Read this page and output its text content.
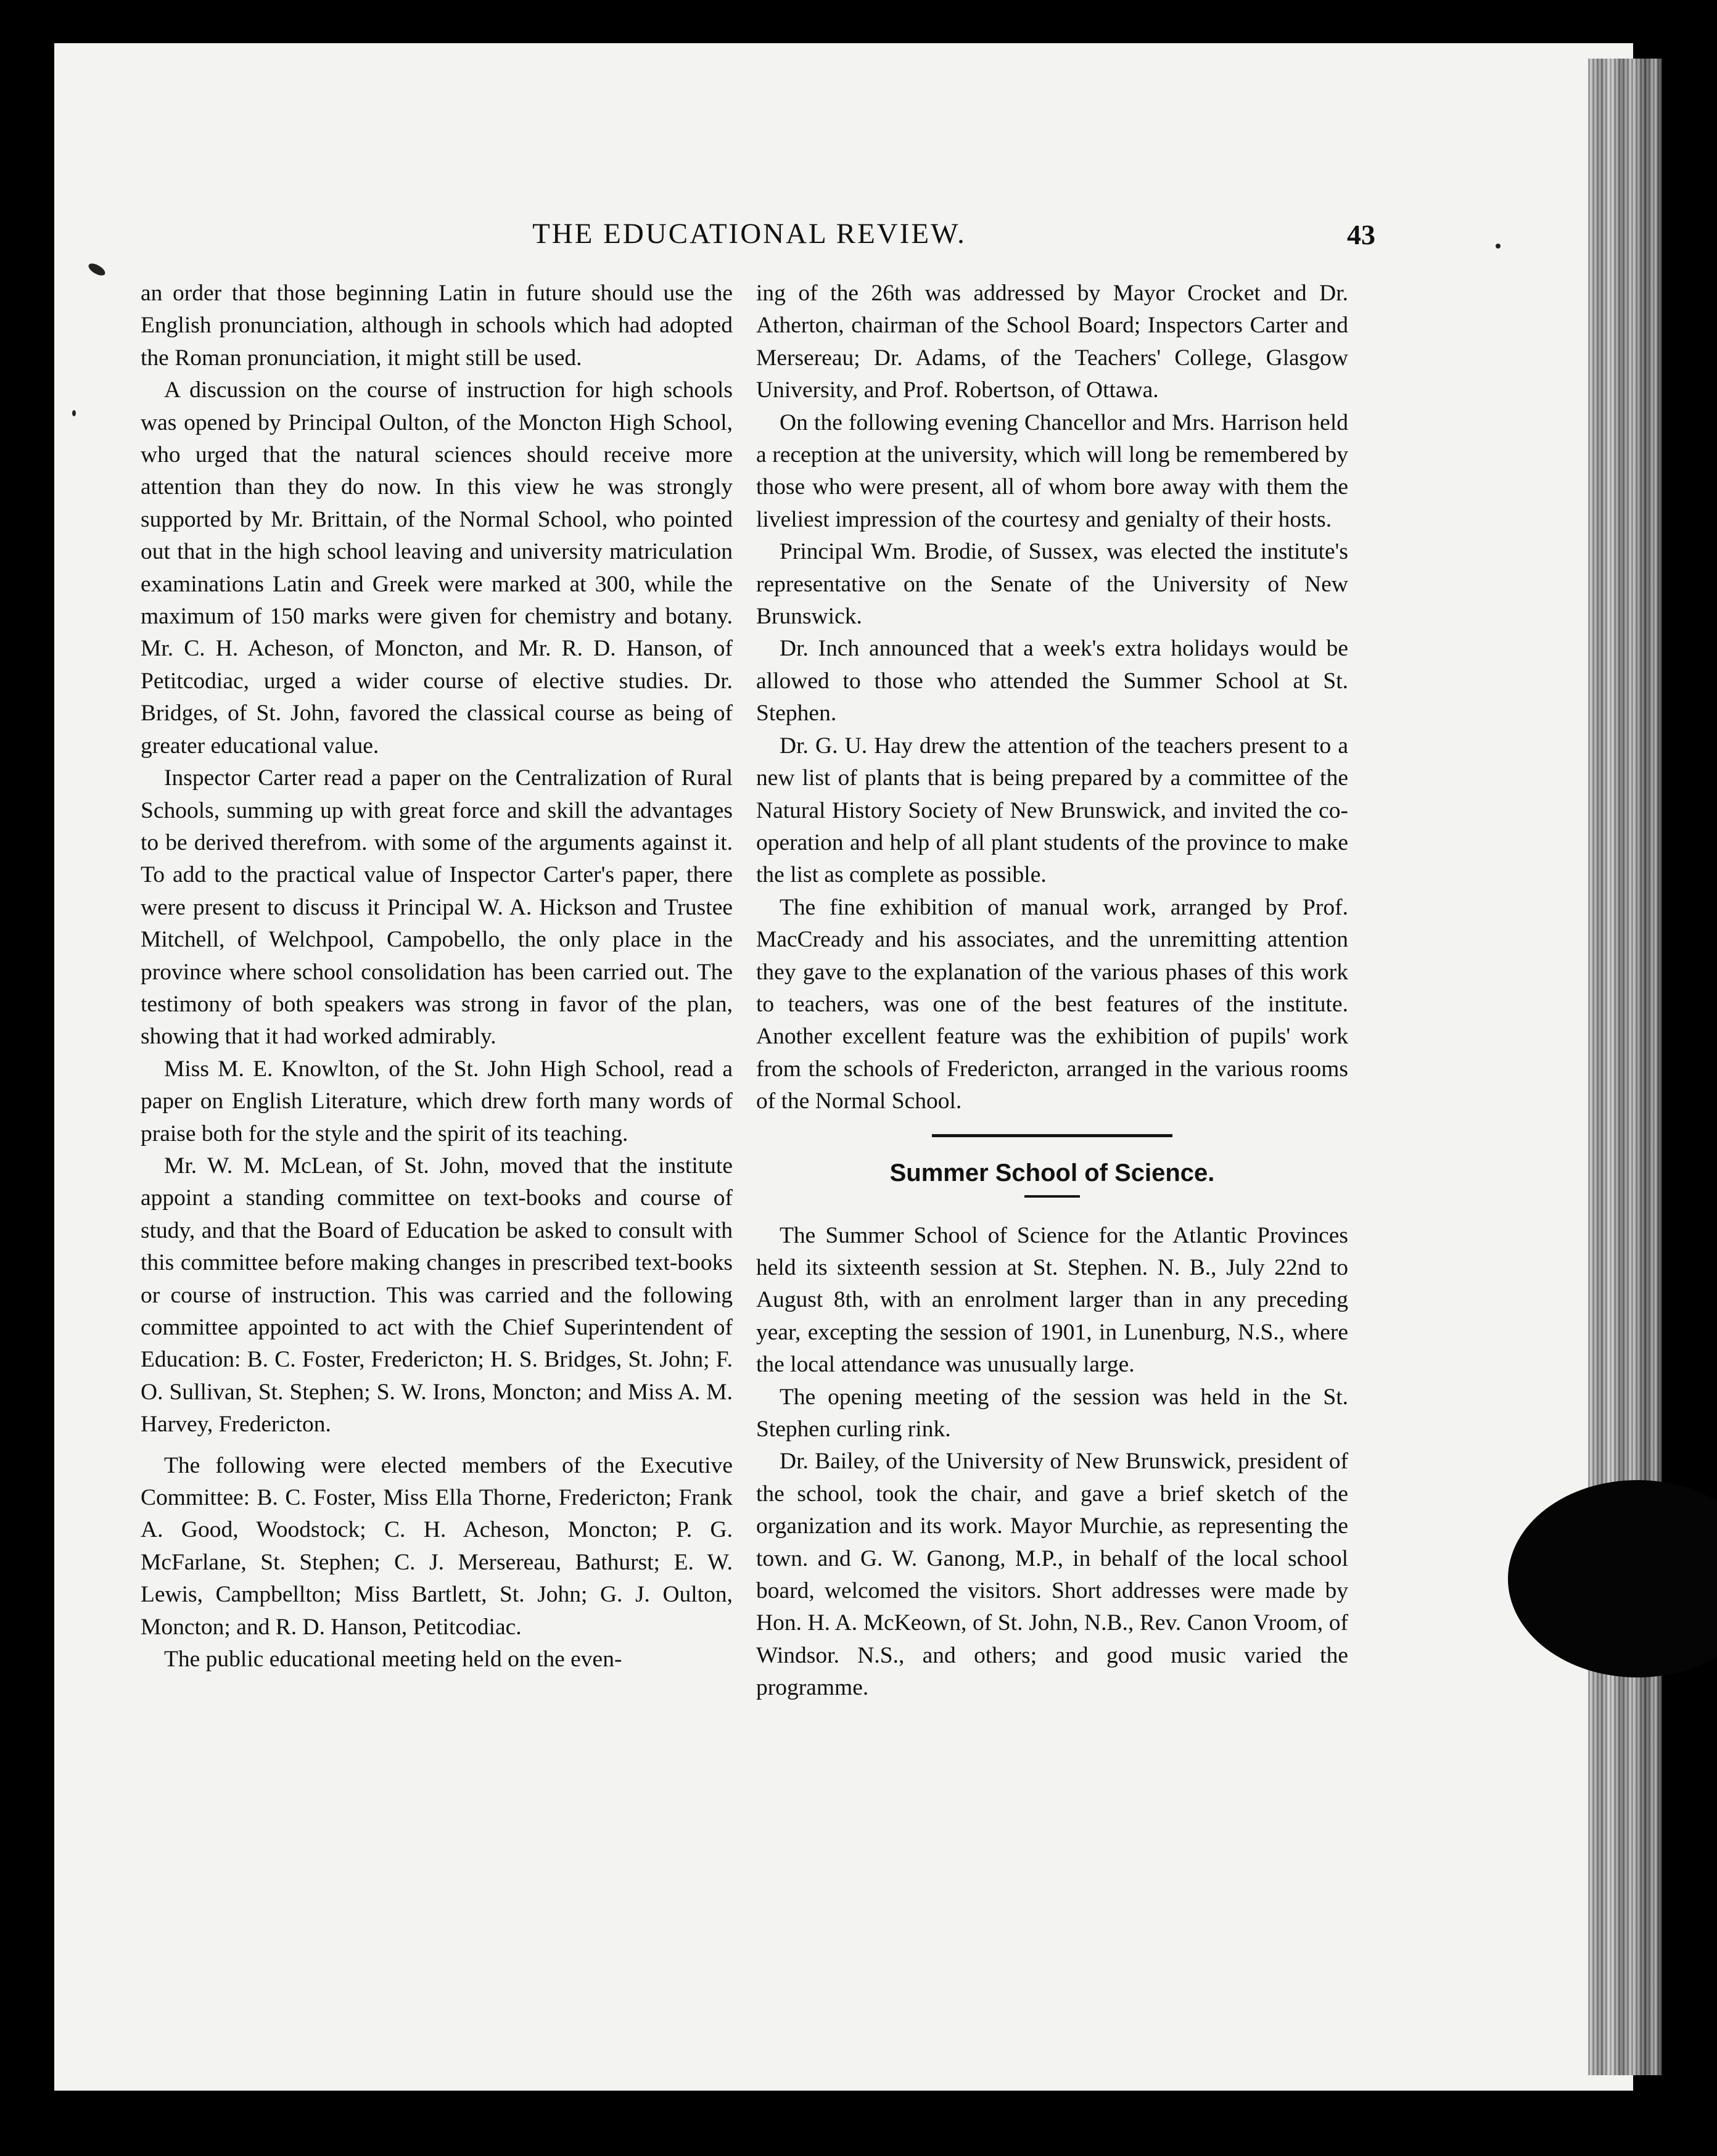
THE EDUCATIONAL REVIEW.	43

an order that those beginning Latin in future should use the English pronunciation, although in schools which had adopted the Roman pronunciation, it might still be used.

A discussion on the course of instruction for high schools was opened by Principal Oulton, of the Moncton High School, who urged that the natural sciences should receive more attention than they do now. In this view he was strongly supported by Mr. Brittain, of the Normal School, who pointed out that in the high school leaving and university matriculation examinations Latin and Greek were marked at 300, while the maximum of 150 marks were given for chemistry and botany. Mr. C. H. Acheson, of Moncton, and Mr. R. D. Hanson, of Petitcodiac, urged a wider course of elective studies. Dr. Bridges, of St. John, favored the classical course as being of greater educational value.

Inspector Carter read a paper on the Centralization of Rural Schools, summing up with great force and skill the advantages to be derived therefrom. with some of the arguments against it. To add to the practical value of Inspector Carter's paper, there were present to discuss it Principal W. A. Hickson and Trustee Mitchell, of Welchpool, Campobello, the only place in the province where school consolidation has been carried out. The testimony of both speakers was strong in favor of the plan, showing that it had worked admirably.

Miss M. E. Knowlton, of the St. John High School, read a paper on English Literature, which drew forth many words of praise both for the style and the spirit of its teaching.

Mr. W. M. McLean, of St. John, moved that the institute appoint a standing committee on text-books and course of study, and that the Board of Education be asked to consult with this committee before making changes in prescribed text-books or course of instruction. This was carried and the following committee appointed to act with the Chief Superintendent of Education: B. C. Foster, Fredericton; H. S. Bridges, St. John; F. O. Sullivan, St. Stephen; S. W. Irons, Moncton; and Miss A. M. Harvey, Fredericton.

The following were elected members of the Executive Committee: B. C. Foster, Miss Ella Thorne, Fredericton; Frank A. Good, Woodstock; C. H. Acheson, Moncton; P. G. McFarlane, St. Stephen; C. J. Mersereau, Bathurst; E. W. Lewis, Campbellton; Miss Bartlett, St. John; G. J. Oulton, Moncton; and R. D. Hanson, Petitcodiac.

The public educational meeting held on the even-

ing of the 26th was addressed by Mayor Crocket and Dr. Atherton, chairman of the School Board; Inspectors Carter and Mersereau; Dr. Adams, of the Teachers' College, Glasgow University, and Prof. Robertson, of Ottawa.

On the following evening Chancellor and Mrs. Harrison held a reception at the university, which will long be remembered by those who were present, all of whom bore away with them the liveliest impression of the courtesy and genialty of their hosts.

Principal Wm. Brodie, of Sussex, was elected the institute's representative on the Senate of the University of New Brunswick.

Dr. Inch announced that a week's extra holidays would be allowed to those who attended the Summer School at St. Stephen.

Dr. G. U. Hay drew the attention of the teachers present to a new list of plants that is being prepared by a committee of the Natural History Society of New Brunswick, and invited the co-operation and help of all plant students of the province to make the list as complete as possible.

The fine exhibition of manual work, arranged by Prof. MacCready and his associates, and the unremitting attention they gave to the explanation of the various phases of this work to teachers, was one of the best features of the institute. Another excellent feature was the exhibition of pupils' work from the schools of Fredericton, arranged in the various rooms of the Normal School.

Summer School of Science.

The Summer School of Science for the Atlantic Provinces held its sixteenth session at St. Stephen. N. B., July 22nd to August 8th, with an enrolment larger than in any preceding year, excepting the session of 1901, in Lunenburg, N.S., where the local attendance was unusually large.

The opening meeting of the session was held in the St. Stephen curling rink.

Dr. Bailey, of the University of New Brunswick, president of the school, took the chair, and gave a brief sketch of the organization and its work. Mayor Murchie, as representing the town. and G. W. Ganong, M.P., in behalf of the local school board, welcomed the visitors. Short addresses were made by Hon. H. A. McKeown, of St. John, N.B., Rev. Canon Vroom, of Windsor. N.S., and others; and good music varied the programme.
